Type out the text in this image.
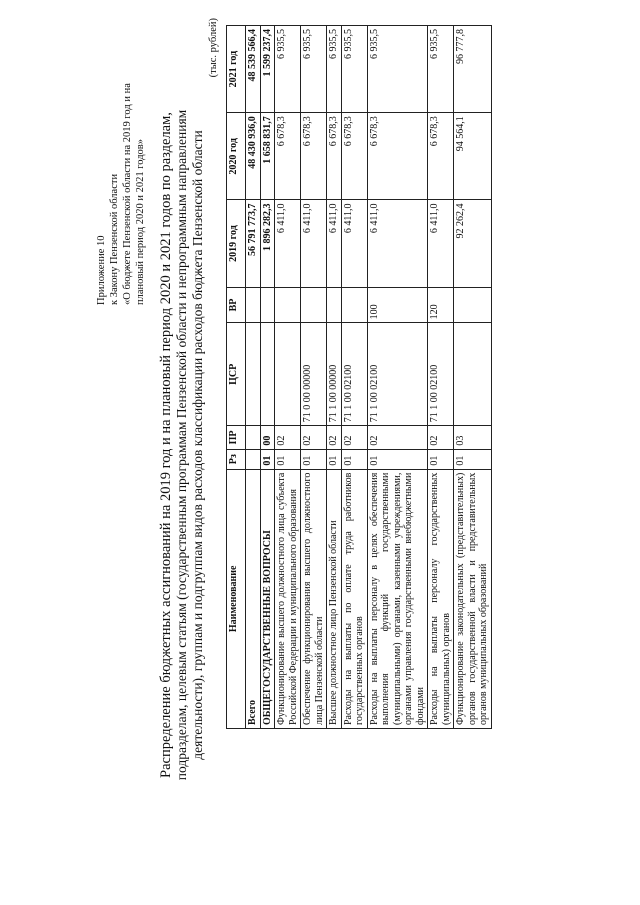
Приложение 10 к Закону Пензенской области «О бюджете Пензенской области на 2019 год и на плановый период 2020 и 2021 годов» Распределение бюджетных ассигнований на 2019 год и на плановый период 2020 и 2021 годов по разделам, подразделам, целевым статьям (государственным программам Пензенской области и непрограммным направлениям деятельности), группам и подгруппам видов расходов классификации расходов бюджета Пензенской области
(тыс. рублей)
Наименование	Рз	ПР	ЦСР	ВР	2019 год	2020 год	2021 год
Всего					56 791 773,7	48 430 936,0	48 539 566,4
ОБЩЕГОСУДАРСТВЕННЫЕ ВОПРОСЫ	01	00			1 896 282,3	1 658 831,7	1 599 237,4
Функционирование высшего должностного лица субъекта Российской Федерации и муниципального образования	01	02			6 411,0	6 678,3	6 935,5
Обеспечение функционирования высшего должностного лица Пензенской области	01	02	71 0 00 00000		6 411,0	6 678,3	6 935,5
Высшее должностное лицо Пензенской области	01	02	71 1 00 00000		6 411,0	6 678,3	6 935,5
Расходы на выплаты по оплате труда работников государственных органов	01	02	71 1 00 02100		6 411,0	6 678,3	6 935,5
Расходы на выплаты персоналу в целях обеспечения выполнения функций государственными (муниципальными) органами, казенными учреждениями, органами управления государственными внебюджетными фондами	01	02	71 1 00 02100	100	6 411,0	6 678,3	6 935,5
Расходы на выплаты персоналу государственных (муниципальных) органов	01	02	71 1 00 02100	120	6 411,0	6 678,3	6 935,5
Функционирование законодательных (представительных) органов государственной власти и представительных органов муниципальных образований	01	03			92 262,4	94 564,1	96 777,8
